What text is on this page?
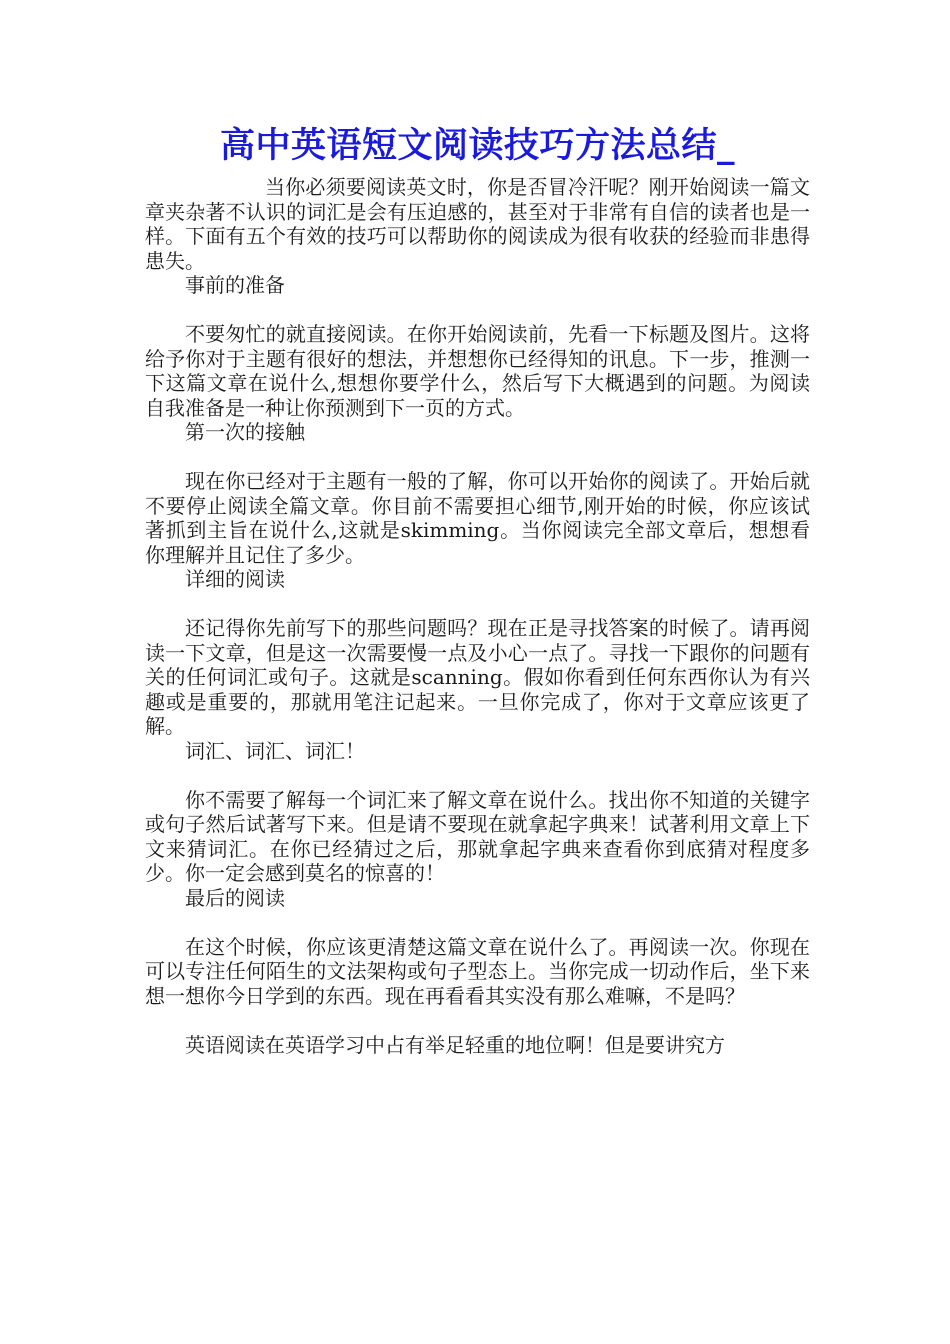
高中英语短文阅读技巧方法总结_

当你必须要阅读英文时，你是否冒冷汗呢？刚开始阅读一篇文章夹杂著不认识的词汇是会有压迫感的，甚至对于非常有自信的读者也是一样。下面有五个有效的技巧可以帮助你的阅读成为很有收获的经验而非患得患失。

事前的准备

不要匆忙的就直接阅读。在你开始阅读前，先看一下标题及图片。这将给予你对于主题有很好的想法，并想想你已经得知的讯息。下一步，推测一下这篇文章在说什么,想想你要学什么，然后写下大概遇到的问题。为阅读自我准备是一种让你预测到下一页的方式。

第一次的接触

现在你已经对于主题有一般的了解，你可以开始你的阅读了。开始后就不要停止阅读全篇文章。你目前不需要担心细节,刚开始的时候，你应该试著抓到主旨在说什么,这就是skimming。当你阅读完全部文章后，想想看你理解并且记住了多少。

详细的阅读

还记得你先前写下的那些问题吗？现在正是寻找答案的时候了。请再阅读一下文章，但是这一次需要慢一点及小心一点了。寻找一下跟你的问题有关的任何词汇或句子。这就是scanning。假如你看到任何东西你认为有兴趣或是重要的，那就用笔注记起来。一旦你完成了，你对于文章应该更了解。

词汇、词汇、词汇！

你不需要了解每一个词汇来了解文章在说什么。找出你不知道的关键字或句子然后试著写下来。但是请不要现在就拿起字典来！试著利用文章上下文来猜词汇。在你已经猜过之后，那就拿起字典来查看你到底猜对程度多少。你一定会感到莫名的惊喜的！

最后的阅读

在这个时候，你应该更清楚这篇文章在说什么了。再阅读一次。你现在可以专注任何陌生的文法架构或句子型态上。当你完成一切动作后，坐下来想一想你今日学到的东西。现在再看看其实没有那么难嘛，不是吗？

英语阅读在英语学习中占有举足轻重的地位啊！但是要讲究方
